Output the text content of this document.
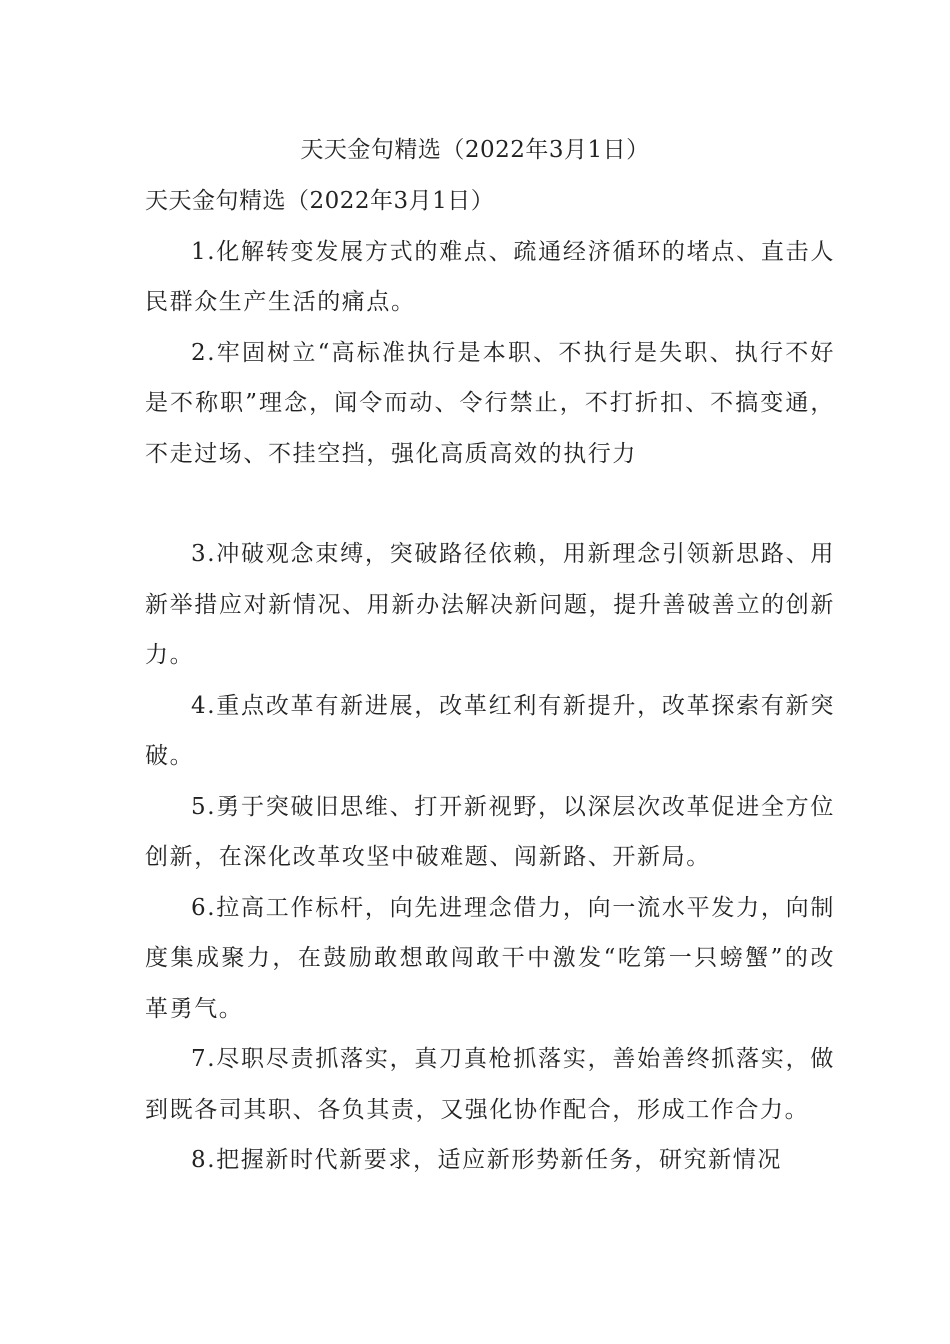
天天金句精选（2022年3月1日）

天天金句精选（2022年3月1日）

1.化解转变发展方式的难点、疏通经济循环的堵点、直击人民群众生产生活的痛点。

2.牢固树立“高标准执行是本职、不执行是失职、执行不好是不称职”理念，闻令而动、令行禁止，不打折扣、不搞变通，不走过场、不挂空挡，强化高质高效的执行力

3.冲破观念束缚，突破路径依赖，用新理念引领新思路、用新举措应对新情况、用新办法解决新问题，提升善破善立的创新力。

4.重点改革有新进展，改革红利有新提升，改革探索有新突破。

5.勇于突破旧思维、打开新视野，以深层次改革促进全方位创新，在深化改革攻坚中破难题、闯新路、开新局。

6.拉高工作标杆，向先进理念借力，向一流水平发力，向制度集成聚力，在鼓励敢想敢闯敢干中激发“吃第一只螃蟹”的改革勇气。

7.尽职尽责抓落实，真刀真枪抓落实，善始善终抓落实，做到既各司其职、各负其责，又强化协作配合，形成工作合力。

8.把握新时代新要求，适应新形势新任务，研究新情况
